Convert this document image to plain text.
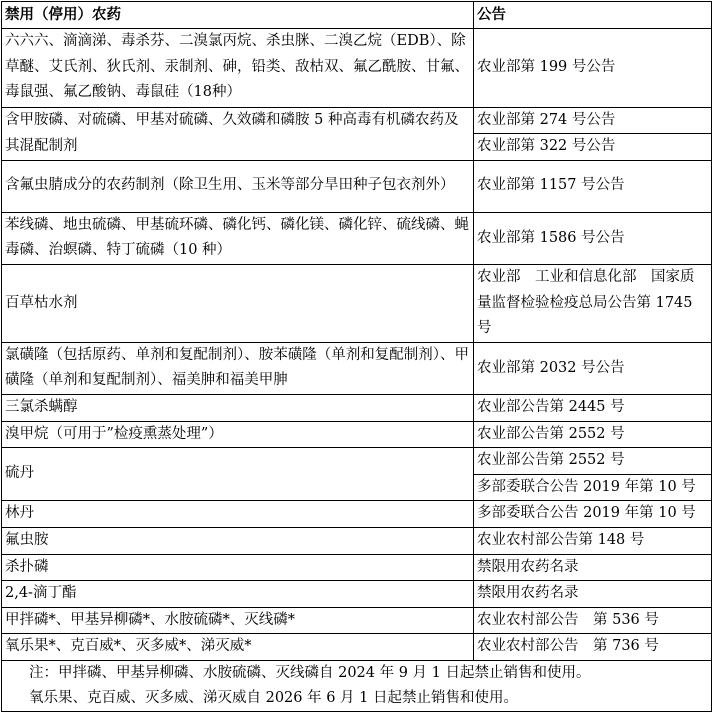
禁用（停用）农药	公告
六六六、滴滴涕、毒杀芬、二溴氯丙烷、杀虫脒、二溴乙烷（EDB）、除草醚、艾氏剂、狄氏剂、汞制剂、砷，铅类、敌枯双、氟乙酰胺、甘氟、毒鼠强、氟乙酸钠、毒鼠硅（18种）	农业部第 199 号公告
含甲胺磷、对硫磷、甲基对硫磷、久效磷和磷胺 5 种高毒有机磷农药及其混配制剂	农业部第 274 号公告
	农业部第 322 号公告
含氟虫腈成分的农药制剂（除卫生用、玉米等部分旱田种子包衣剂外）	农业部第 1157 号公告
苯线磷、地虫硫磷、甲基硫环磷、磷化钙、磷化镁、磷化锌、硫线磷、蝇毒磷、治螟磷、特丁硫磷（10 种）	农业部第 1586 号公告
百草枯水剂	农业部　工业和信息化部　国家质量监督检验检疫总局公告第 1745 号
氯磺隆（包括原药、单剂和复配制剂）、胺苯磺隆（单剂和复配制剂）、甲磺隆（单剂和复配制剂）、福美胂和福美甲胂	农业部第 2032 号公告
三氯杀螨醇	农业部公告第 2445 号
溴甲烷（可用于”检疫熏蒸处理”）	农业部公告第 2552 号
硫丹	农业部公告第 2552 号
	多部委联合公告 2019 年第 10 号
林丹	多部委联合公告 2019 年第 10 号
氟虫胺	农业农村部公告第 148 号
杀扑磷	禁限用农药名录
2,4-滴丁酯	禁限用农药名录
甲拌磷*、甲基异柳磷*、水胺硫磷*、灭线磷*	农业农村部公告　第 536 号
氧乐果*、克百威*、灭多威*、涕灭威*	农业农村部公告　第 736 号

注：甲拌磷、甲基异柳磷、水胺硫磷、灭线磷自 2024 年 9 月 1 日起禁止销售和使用。
氧乐果、克百威、灭多威、涕灭威自 2026 年 6 月 1 日起禁止销售和使用。	
